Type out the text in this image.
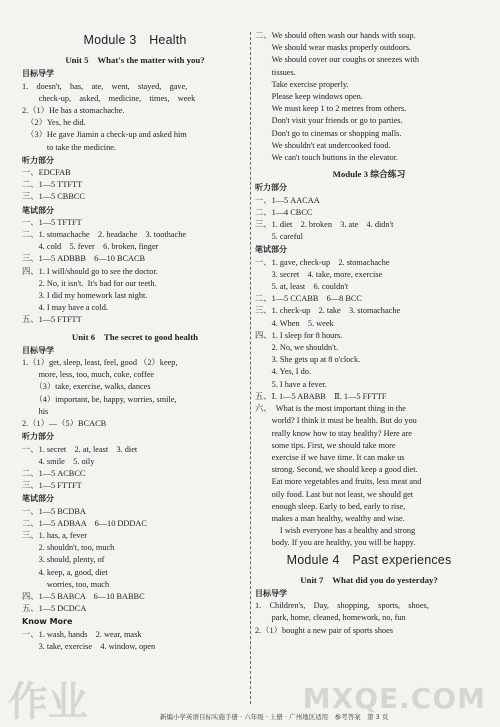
Module 3　Health
Unit 5　What's the matter with you?
目标导学
1.　doesn't,　has,　ate,　went,　stayed,　gave,
　　check-up,　asked,　medicine,　times,　week
2.（1）He has a stomachache.
　（2）Yes, he did.
　（3）He gave Jiamin a check-up and asked him
　　　to take the medicine.
听力部分
一、EDCFAB
二、1—5 TTFTT
三、1—5 CBBCC
笔试部分
一、1—5 TFTFT
二、1. stomachache　2. headache　3. toothache
　　4. cold　5. fever　6. broken, finger
三、1—5 ADBBB　6—10 BCACB
四、1. I will/should go to see the doctor.
　　2. No, it isn't.  It's bad for our teeth.
　　3. I did my homework last night.
　　4. I may have a cold.
五、1—5 FTFTT
Unit 6　The secret to good health
目标导学
1.（1）get, sleep, least, feel, good （2）keep,
　　more, less, too, much, coke, coffee
　　（3）take, exercise, walks, dances
　　（4）important, be, happy, worries, smile,
　　his
2.（1）—（5）BCACB
听力部分
一、1. secret　2. at, least　3. diet
　　4. smile　5. oily
二、1—5 ACBCC
三、1—5 FTTFT
笔试部分
一、1—5 BCDBA
二、1—5 ADBAA　6—10 DDDAC
三、1. has, a, fever
　　2. shouldn't, too, much
　　3. should, plenty, of
　　4. keep, a, good, diet
　　　worries, too, much
四、1—5 BABCA　6—10 BABBC
五、1—5 DCDCA
Know More
一、1. wash, hands　2. wear, mask
　　3. take, exercise　4. window, open
二、We should often wash our hands with soap.
　　We should wear masks properly outdoors.
　　We should cover our coughs or sneezes with
　　tissues.
　　Take exercise properly.
　　Please keep windows open.
　　We must keep 1 to 2 metres from others.
　　Don't visit your friends or go to parties.
　　Don't go to cinemas or shopping malls.
　　We shouldn't eat undercooked food.
　　We can't touch buttons in the elevator.
Module 3 综合练习
听力部分
一、1—5 AACAA
二、1—4 CBCC
三、1. diet　2. broken　3. ate　4. didn't
　　5. careful
笔试部分
一、1. gave, check-up　2. stomachache
　　3. secret　4. take, more, exercise
　　5. at, least　6. couldn't
二、1—5 CCABB　6—8 BCC
三、1. check-up　2. take　3. stomachache
　　4. When　5. week
四、1. I sleep for 8 hours.
　　2. No, we shouldn't.
　　3. She gets up at 8 o'clock.
　　4. Yes, I do.
　　5. I have a fever.
五、Ⅰ. 1—5 ABABB　Ⅱ. 1—5 FFTTF
六、　What is the most important thing in the
　　world? I think it must be health. But do you
　　really know how to stay healthy? Here are
　　some tips. First, we should take more
　　exercise if we have time. It can make us
　　strong. Second, we should keep a good diet.
　　Eat more vegetables and fruits, less meat and
　　oily food. Last but not least, we should get
　　enough sleep. Early to bed, early to rise,
　　makes a man healthy, wealthy and wise.
　　　I wish everyone has a healthy and strong
　　body. If you are healthy, you will be happy.
Module 4　Past experiences
Unit 7　What did you do yesterday?
目标导学
1.　Children's,　Day,　shopping,　sports,　shoes,
　　park, home, cleaned, homework, no, fun
2.（1）bought a new pair of sports shoes
作业	MXQE.COM
新编小学英语目标实施手册 · 六年级 · 上册 · 广州地区适用　参考答案　第 3 页
